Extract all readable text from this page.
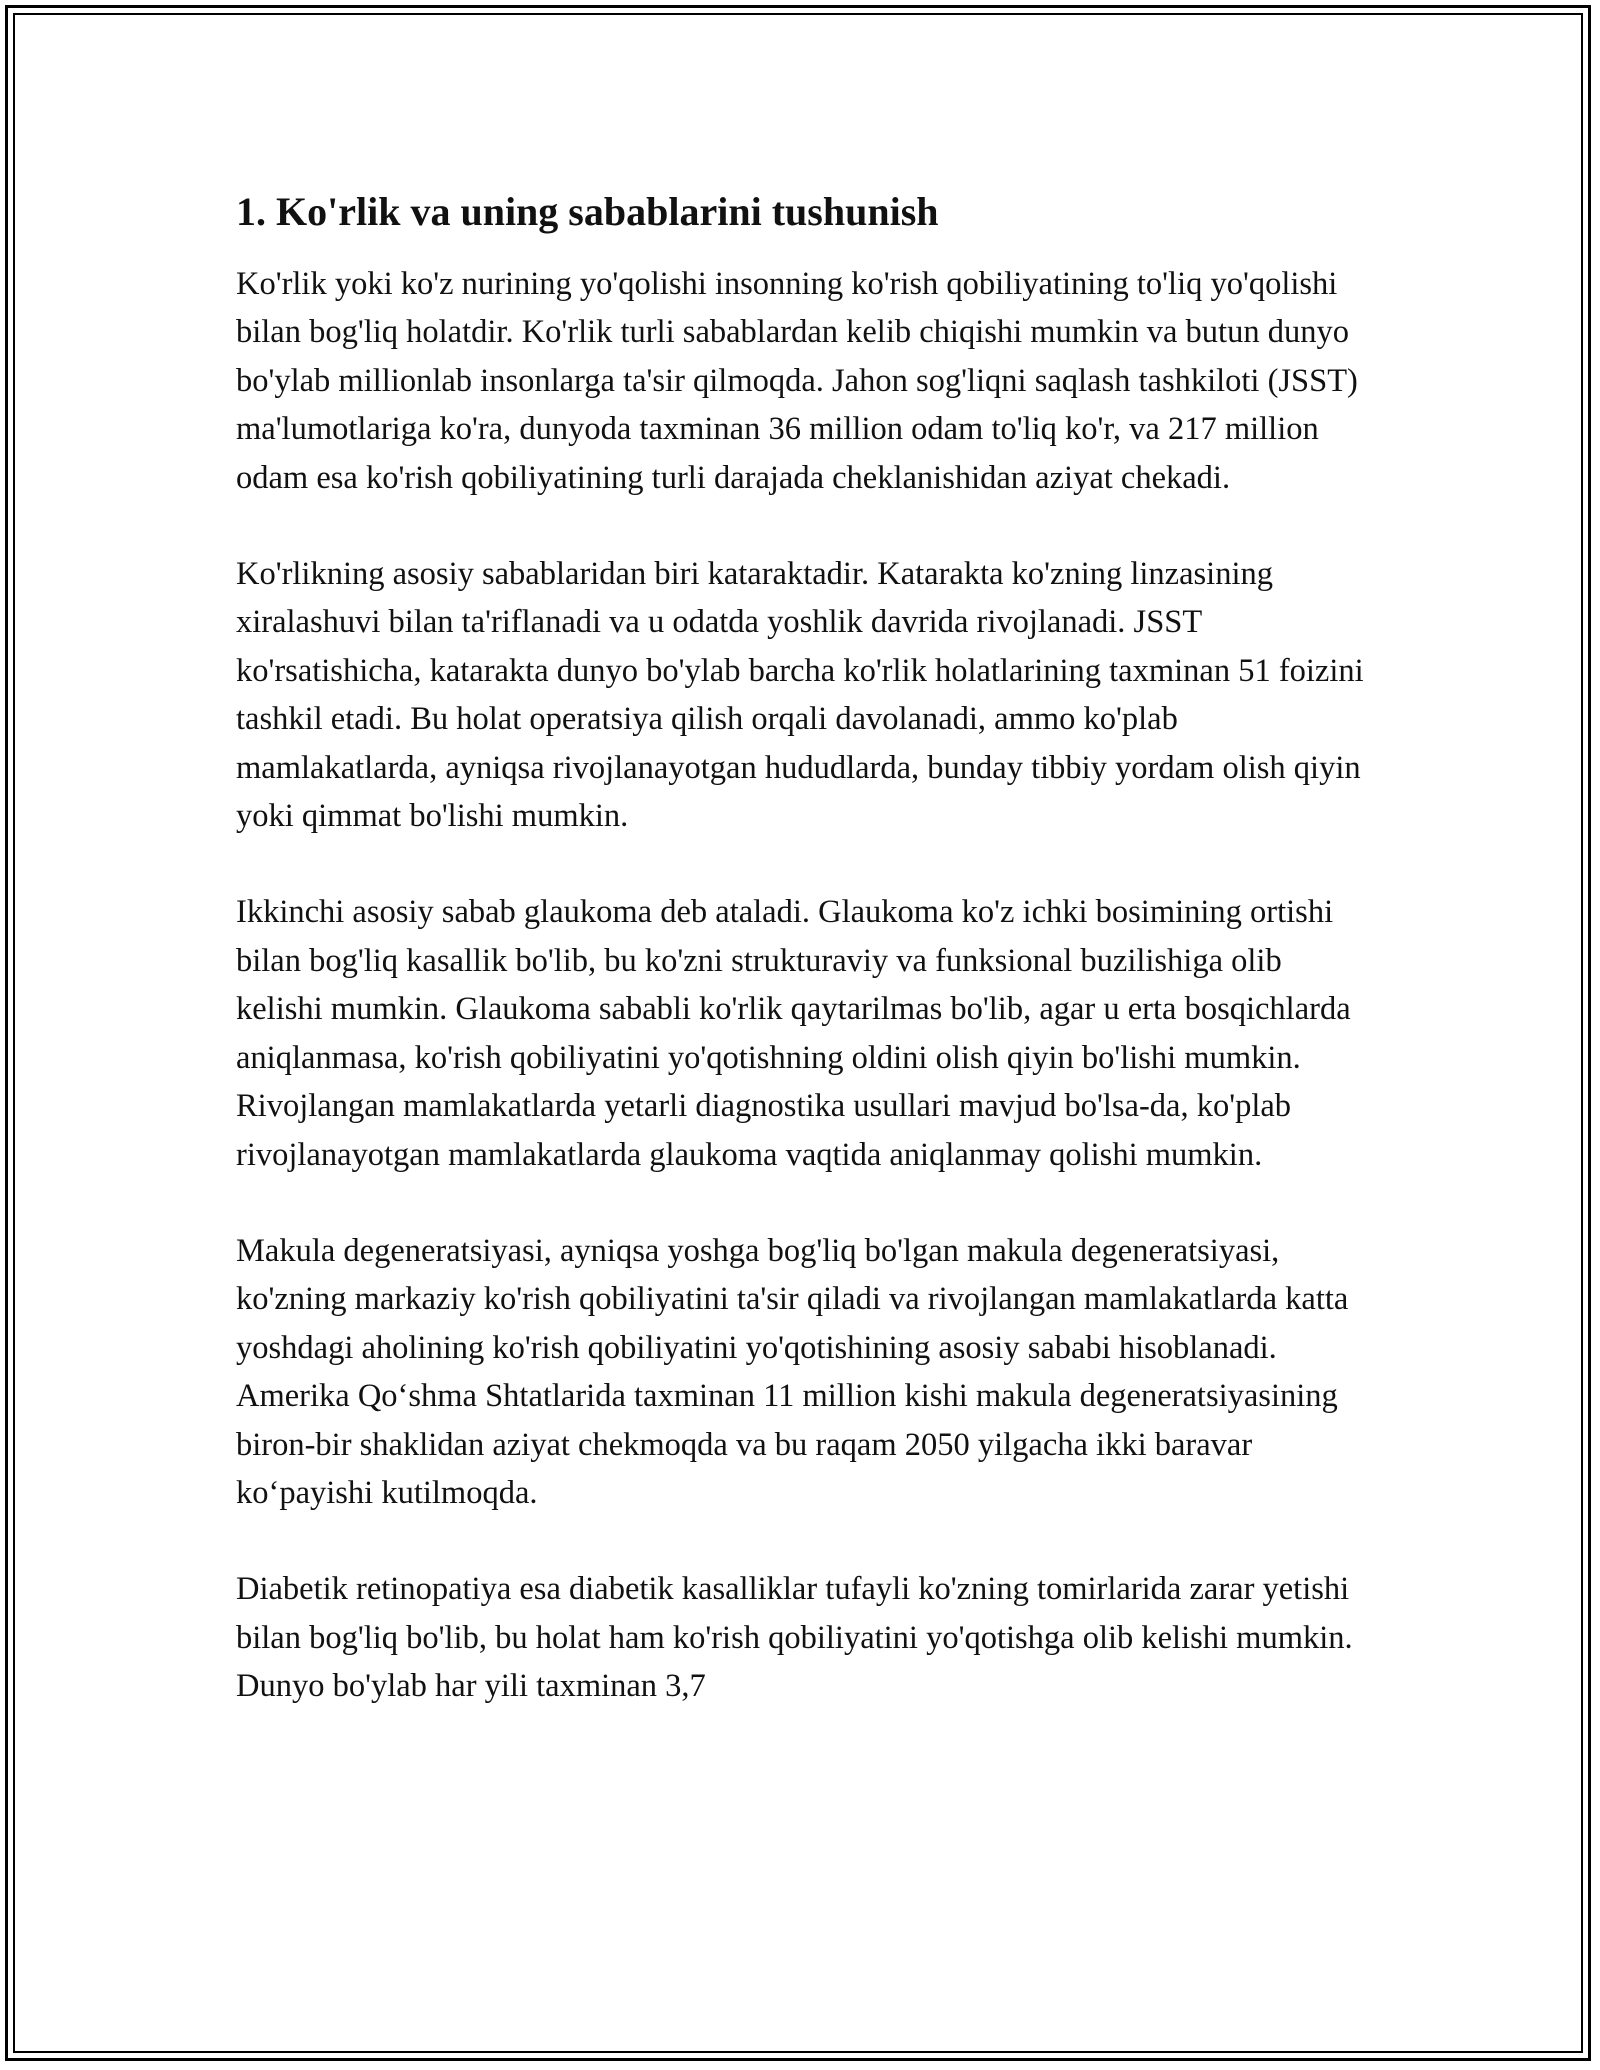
1. Ko'rlik va uning sabablarini tushunish

Ko'rlik yoki ko'z nurining yo'qolishi insonning ko'rish qobiliyatining to'liq yo'qolishi bilan bog'liq holatdir. Ko'rlik turli sabablardan kelib chiqishi mumkin va butun dunyo bo'ylab millionlab insonlarga ta'sir qilmoqda. Jahon sog'liqni saqlash tashkiloti (JSST) ma'lumotlariga ko'ra, dunyoda taxminan 36 million odam to'liq ko'r, va 217 million odam esa ko'rish qobiliyatining turli darajada cheklanishidan aziyat chekadi.

Ko'rlikning asosiy sabablaridan biri kataraktadir. Katarakta ko'zning linzasining xiralashuvi bilan ta'riflanadi va u odatda yoshlik davrida rivojlanadi. JSST ko'rsatishicha, katarakta dunyo bo'ylab barcha ko'rlik holatlarining taxminan 51 foizini tashkil etadi. Bu holat operatsiya qilish orqali davolanadi, ammo ko'plab mamlakatlarda, ayniqsa rivojlanayotgan hududlarda, bunday tibbiy yordam olish qiyin yoki qimmat bo'lishi mumkin.

Ikkinchi asosiy sabab glaukoma deb ataladi. Glaukoma ko'z ichki bosimining ortishi bilan bog'liq kasallik bo'lib, bu ko'zni strukturaviy va funksional buzilishiga olib kelishi mumkin. Glaukoma sababli ko'rlik qaytarilmas bo'lib, agar u erta bosqichlarda aniqlanmasa, ko'rish qobiliyatini yo'qotishning oldini olish qiyin bo'lishi mumkin. Rivojlangan mamlakatlarda yetarli diagnostika usullari mavjud bo'lsa-da, ko'plab rivojlanayotgan mamlakatlarda glaukoma vaqtida aniqlanmay qolishi mumkin.

Makula degeneratsiyasi, ayniqsa yoshga bog'liq bo'lgan makula degeneratsiyasi, ko'zning markaziy ko'rish qobiliyatini ta'sir qiladi va rivojlangan mamlakatlarda katta yoshdagi aholining ko'rish qobiliyatini yo'qotishining asosiy sababi hisoblanadi. Amerika Qo‘shma Shtatlarida taxminan 11 million kishi makula degeneratsiyasining biron-bir shaklidan aziyat chekmoqda va bu raqam 2050 yilgacha ikki baravar ko‘payishi kutilmoqda.

Diabetik retinopatiya esa diabetik kasalliklar tufayli ko'zning tomirlarida zarar yetishi bilan bog'liq bo'lib, bu holat ham ko'rish qobiliyatini yo'qotishga olib kelishi mumkin. Dunyo bo'ylab har yili taxminan 3,7
